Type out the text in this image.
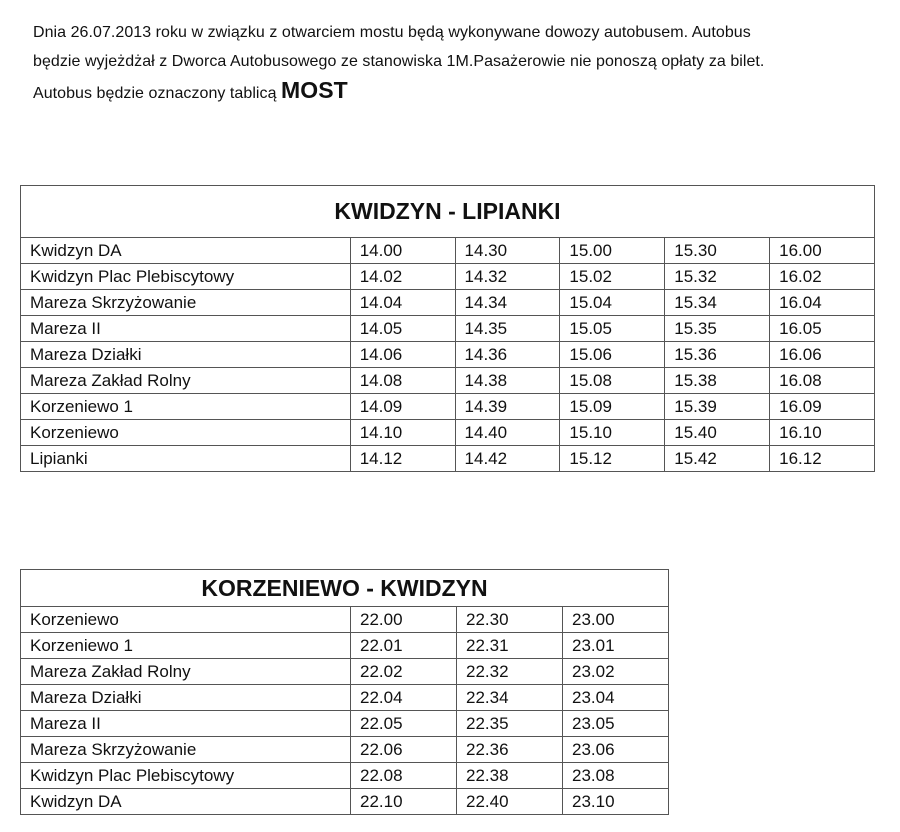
Dnia 26.07.2013 roku w związku z otwarciem mostu będą wykonywane dowozy autobusem. Autobus

będzie wyjeżdżał z Dworca Autobusowego ze stanowiska 1M.Pasażerowie nie ponoszą opłaty za bilet.

Autobus będzie oznaczony tablicą MOST

KWIDZYN - LIPIANKI					
Kwidzyn DA	14.00	14.30	15.00	15.30	16.00
Kwidzyn Plac Plebiscytowy	14.02	14.32	15.02	15.32	16.02
Mareza Skrzyżowanie	14.04	14.34	15.04	15.34	16.04
Mareza II	14.05	14.35	15.05	15.35	16.05
Mareza Działki	14.06	14.36	15.06	15.36	16.06
Mareza Zakład Rolny	14.08	14.38	15.08	15.38	16.08
Korzeniewo 1	14.09	14.39	15.09	15.39	16.09
Korzeniewo	14.10	14.40	15.10	15.40	16.10
Lipianki	14.12	14.42	15.12	15.42	16.12
KORZENIEWO - KWIDZYN			
Korzeniewo	22.00	22.30	23.00
Korzeniewo 1	22.01	22.31	23.01
Mareza Zakład Rolny	22.02	22.32	23.02
Mareza Działki	22.04	22.34	23.04
Mareza II	22.05	22.35	23.05
Mareza Skrzyżowanie	22.06	22.36	23.06
Kwidzyn Plac Plebiscytowy	22.08	22.38	23.08
Kwidzyn DA	22.10	22.40	23.10
